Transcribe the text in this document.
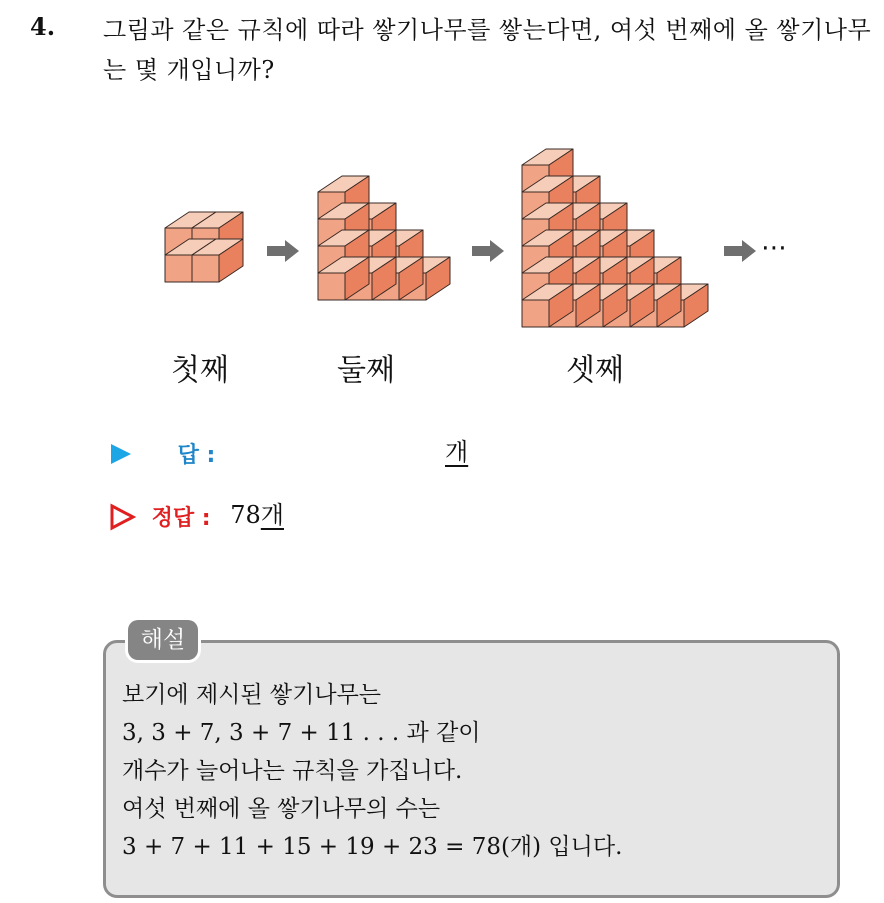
4. 그림과 같은 규칙에 따라 쌓기나무를 쌓는다면, 여섯 번째에 올 쌓기나무는 몇 개입니까?
⋯
첫째	둘째	셋째
답 :	개
정답 : 78개
해설
보기에 제시된 쌓기나무는
3, 3 + 7, 3 + 7 + 11 . . . 과 같이
개수가 늘어나는 규칙을 가집니다.
여섯 번째에 올 쌓기나무의 수는
3 + 7 + 11 + 15 + 19 + 23 = 78(개) 입니다.
